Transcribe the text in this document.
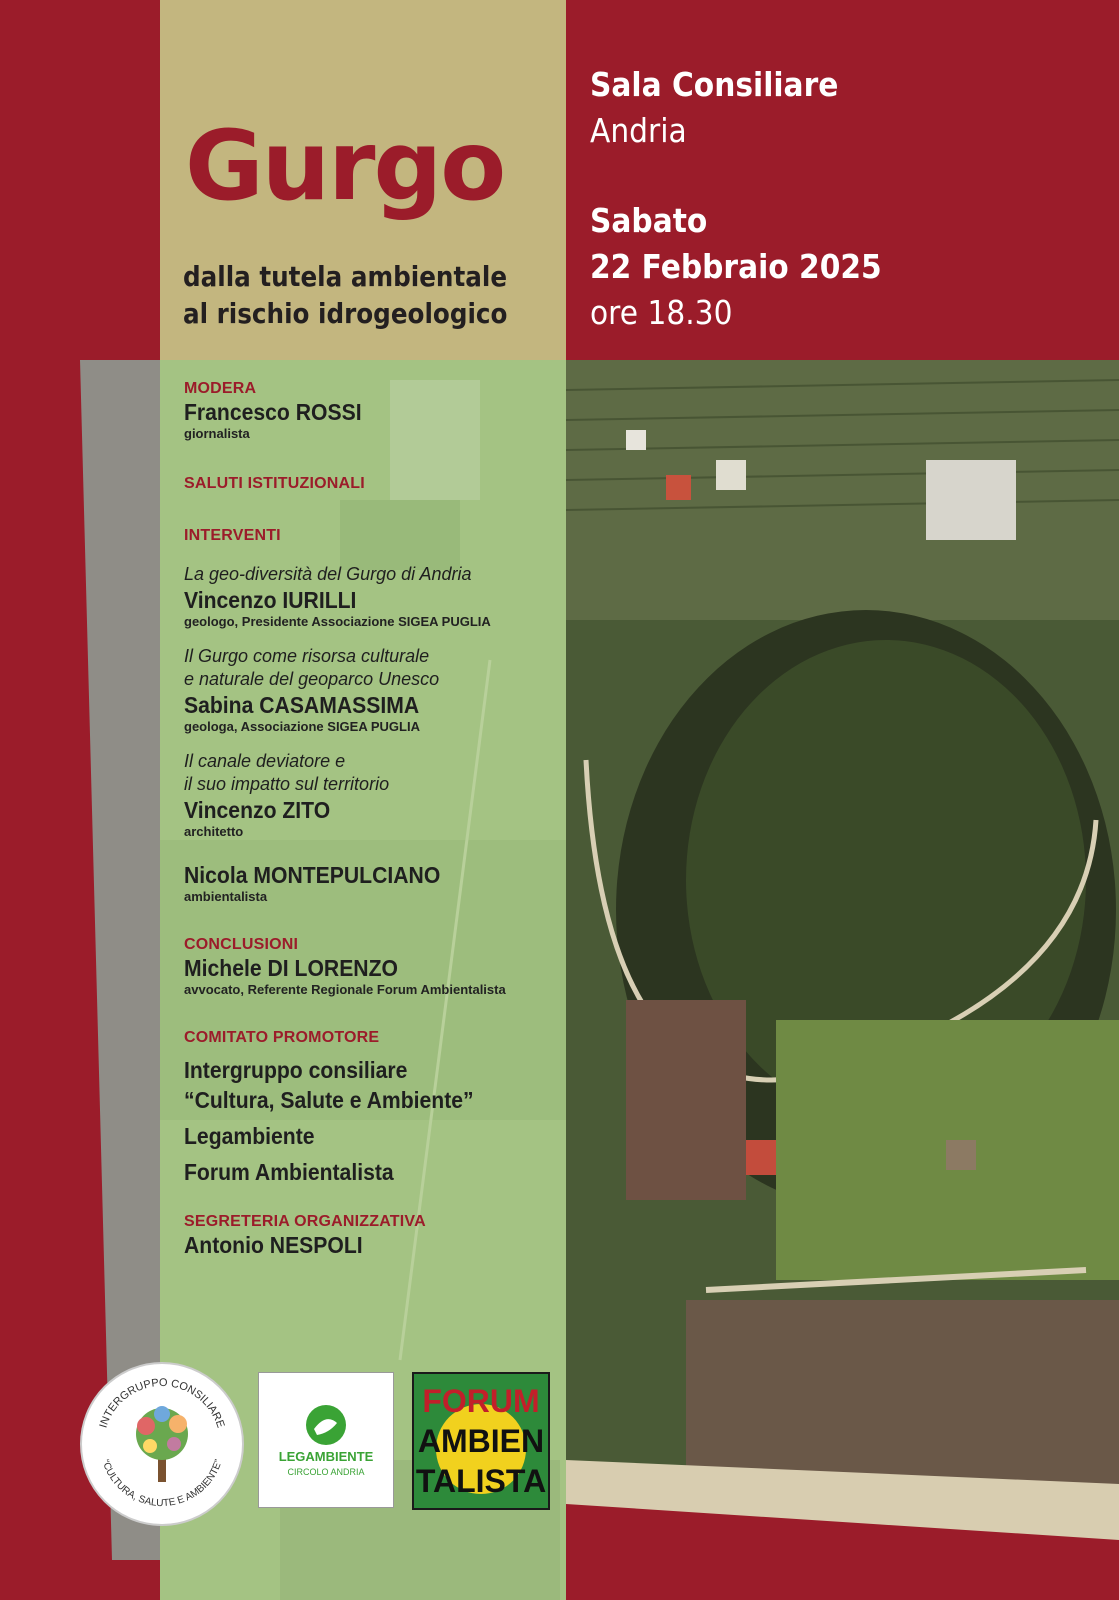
Gurgo
dalla tutela ambientale
al rischio idrogeologico
Sala Consiliare
Andria
Sabato
22 Febbraio 2025
ore 18.30

MODERA

Francesco ROSSI

giornalista

SALUTI ISTITUZIONALI

INTERVENTI

La geo-diversità del Gurgo di Andria

Vincenzo IURILLI

geologo, Presidente Associazione SIGEA PUGLIA

Il Gurgo come risorsa culturale

e naturale del geoparco Unesco

Sabina CASAMASSIMA

geologa, Associazione SIGEA PUGLIA

Il canale deviatore e

il suo impatto sul territorio

Vincenzo ZITO

architetto

Nicola MONTEPULCIANO

ambientalista

CONCLUSIONI

Michele DI LORENZO

avvocato, Referente Regionale Forum Ambientalista

COMITATO PROMOTORE

Intergruppo consiliare

“Cultura, Salute e Ambiente”

Legambiente

Forum Ambientalista

SEGRETERIA ORGANIZZATIVA

Antonio NESPOLI

INTERGRUPPO CONSILIARE
“CULTURA, SALUTE E AMBIENTE”	LEGAMBIENTE
CIRCOLO ANDRIA
FORUM
AMBIEN
TALISTA
